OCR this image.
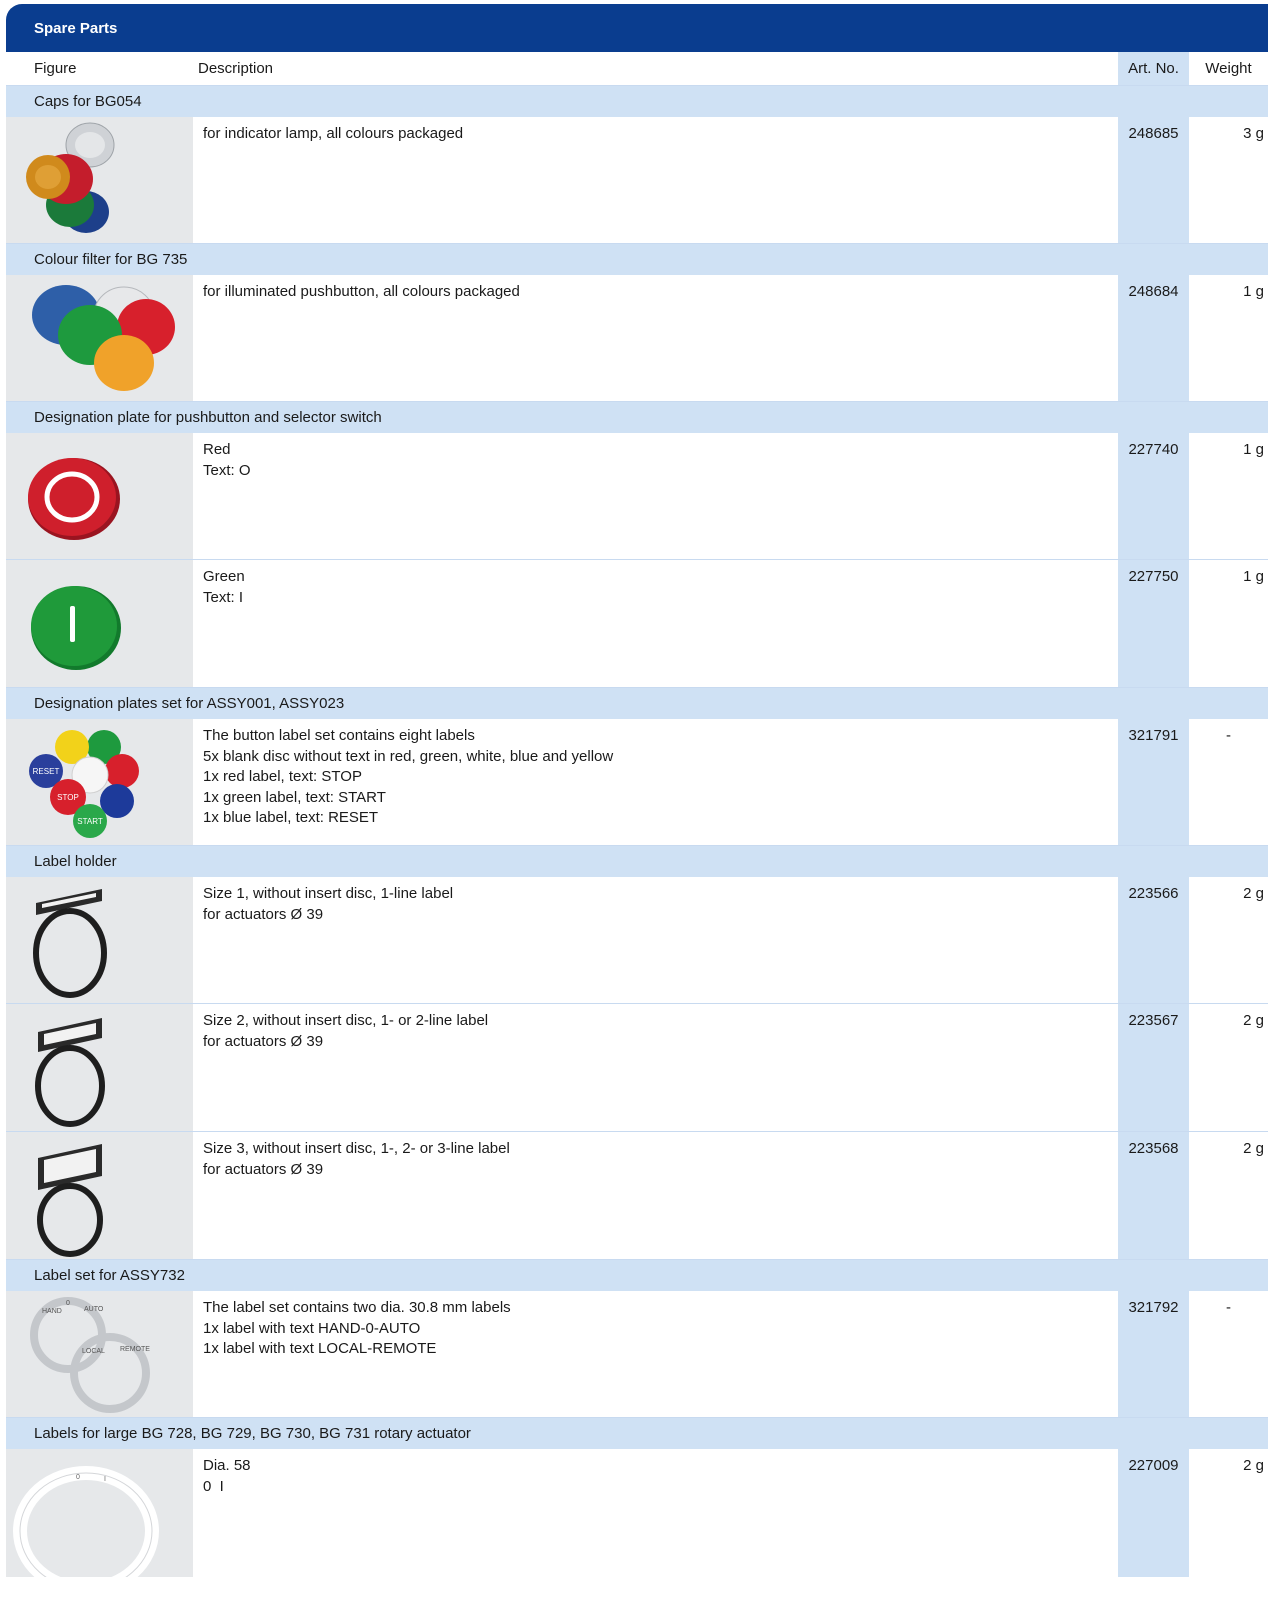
Spare Parts
Figure	Description	Art. No.	Weight
Caps for BG054
for indicator lamp, all colours packaged	248685	3 g
Colour filter for BG 735
for illuminated pushbutton, all colours packaged	248684	1 g
Designation plate for pushbutton and selector switch
Red
Text: O
227740	1 g
Green
Text: I
227750	1 g
Designation plates set for ASSY001, ASSY023
RESET
STOP
START
The button label set contains eight labels
5x blank disc without text in red, green, white, blue and yellow
1x red label, text: STOP
1x green label, text: START
1x blue label, text: RESET
321791	-
Label holder
Size 1, without insert disc, 1-line label
for actuators Ø 39
223566	2 g
Size 2, without insert disc, 1- or 2-line label
for actuators Ø 39
223567	2 g
Size 3, without insert disc, 1-, 2- or 3-line label
for actuators Ø 39
223568	2 g
Label set for ASSY732
HAND
0
AUTO
LOCAL REMOTE
The label set contains two dia. 30.8 mm labels
1x label with text HAND-0-AUTO
1x label with text LOCAL-REMOTE
321792	-
Labels for large BG 728, BG 729, BG 730, BG 731 rotary actuator
0	I
Dia. 58
0  I
227009	2 g
